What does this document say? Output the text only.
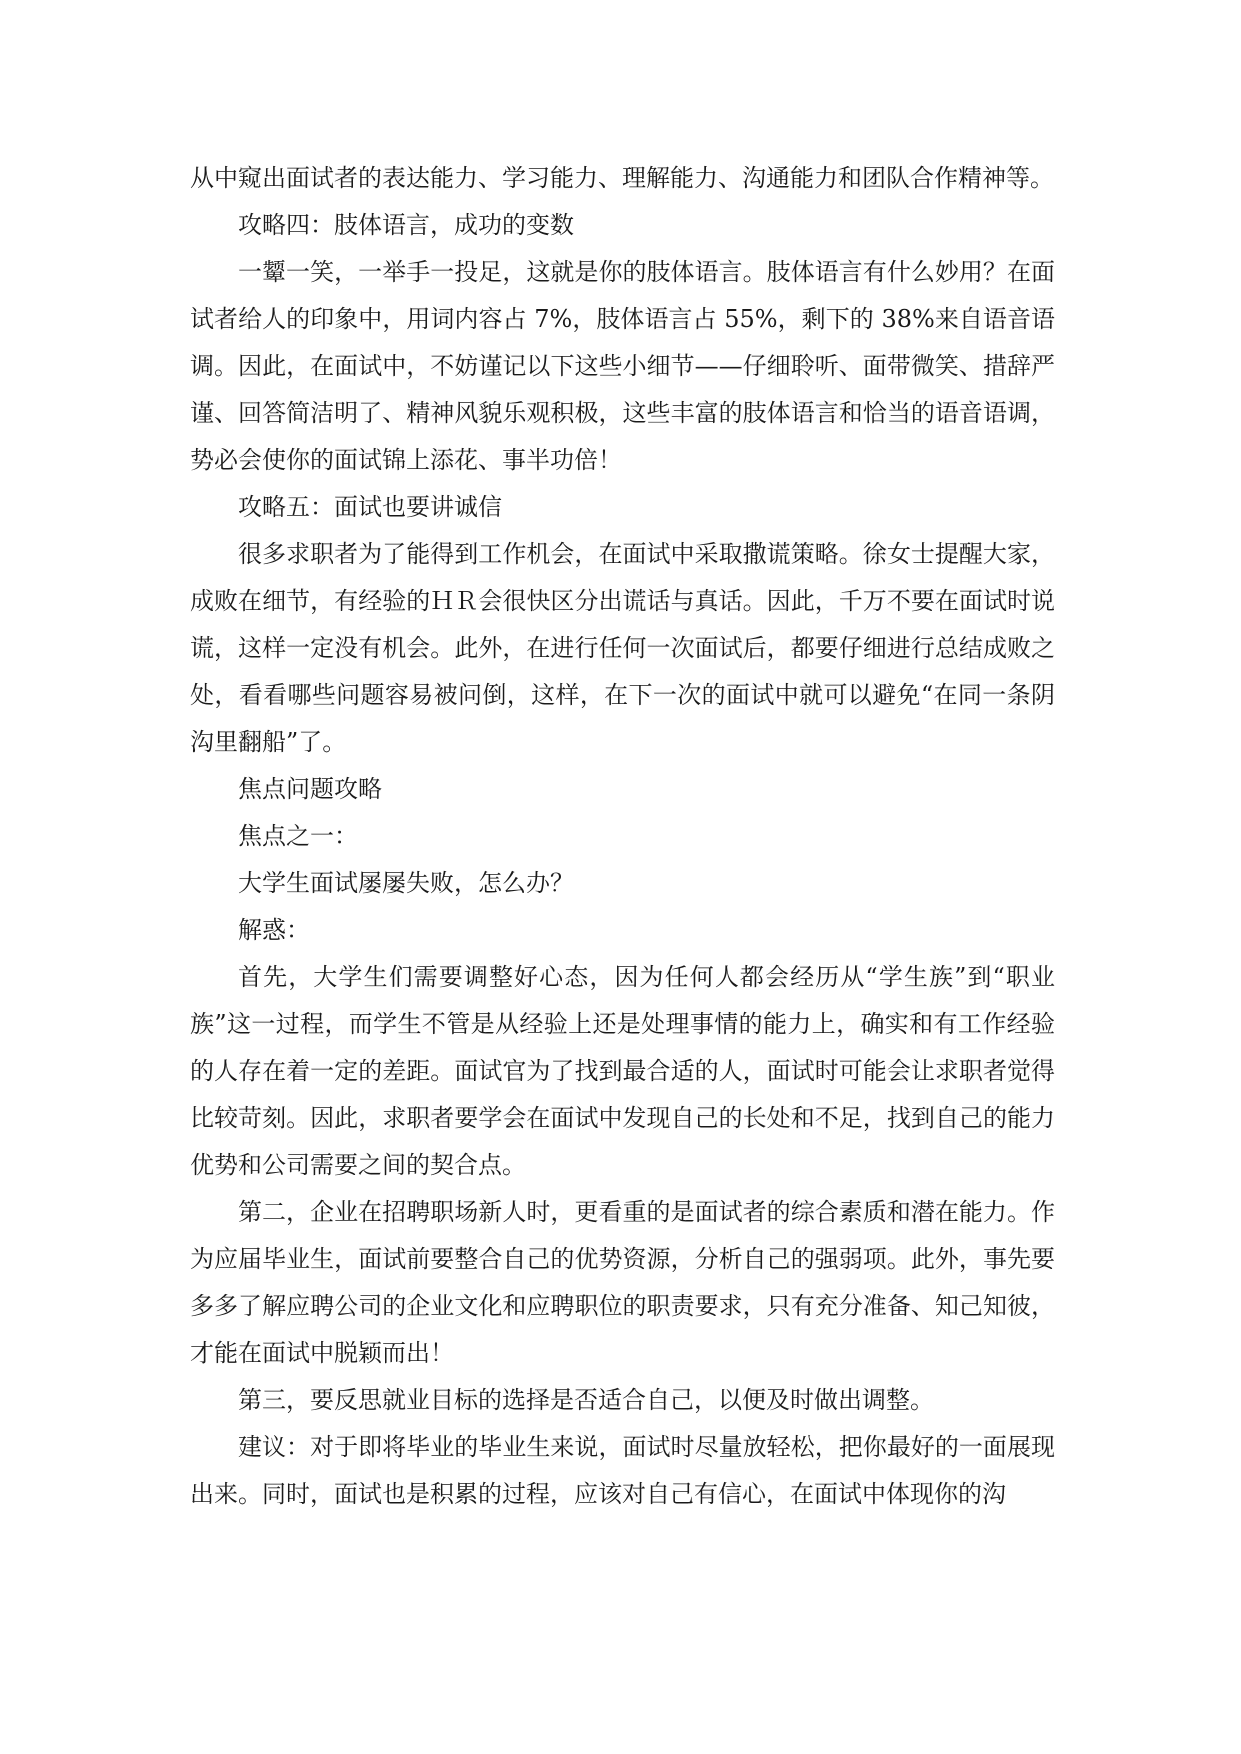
从中窥出面试者的表达能力、学习能力、理解能力、沟通能力和团队合作精神等。

攻略四：肢体语言，成功的变数

一颦一笑，一举手一投足，这就是你的肢体语言。肢体语言有什么妙用？在面试者给人的印象中，用词内容占 7%，肢体语言占 55%，剩下的 38%来自语音语调。因此，在面试中，不妨谨记以下这些小细节——仔细聆听、面带微笑、措辞严谨、回答简洁明了、精神风貌乐观积极，这些丰富的肢体语言和恰当的语音语调，势必会使你的面试锦上添花、事半功倍！

攻略五：面试也要讲诚信

很多求职者为了能得到工作机会，在面试中采取撒谎策略。徐女士提醒大家，成败在细节，有经验的ＨＲ会很快区分出谎话与真话。因此，千万不要在面试时说谎，这样一定没有机会。此外，在进行任何一次面试后，都要仔细进行总结成败之处，看看哪些问题容易被问倒，这样，在下一次的面试中就可以避免“在同一条阴沟里翻船”了。

焦点问题攻略

焦点之一：

大学生面试屡屡失败，怎么办？

解惑：

首先，大学生们需要调整好心态，因为任何人都会经历从“学生族”到“职业族”这一过程，而学生不管是从经验上还是处理事情的能力上，确实和有工作经验的人存在着一定的差距。面试官为了找到最合适的人，面试时可能会让求职者觉得比较苛刻。因此，求职者要学会在面试中发现自己的长处和不足，找到自己的能力优势和公司需要之间的契合点。

第二，企业在招聘职场新人时，更看重的是面试者的综合素质和潜在能力。作为应届毕业生，面试前要整合自己的优势资源，分析自己的强弱项。此外，事先要多多了解应聘公司的企业文化和应聘职位的职责要求，只有充分准备、知己知彼，才能在面试中脱颖而出！

第三，要反思就业目标的选择是否适合自己，以便及时做出调整。

建议：对于即将毕业的毕业生来说，面试时尽量放轻松，把你最好的一面展现出来。同时，面试也是积累的过程，应该对自己有信心，在面试中体现你的沟
